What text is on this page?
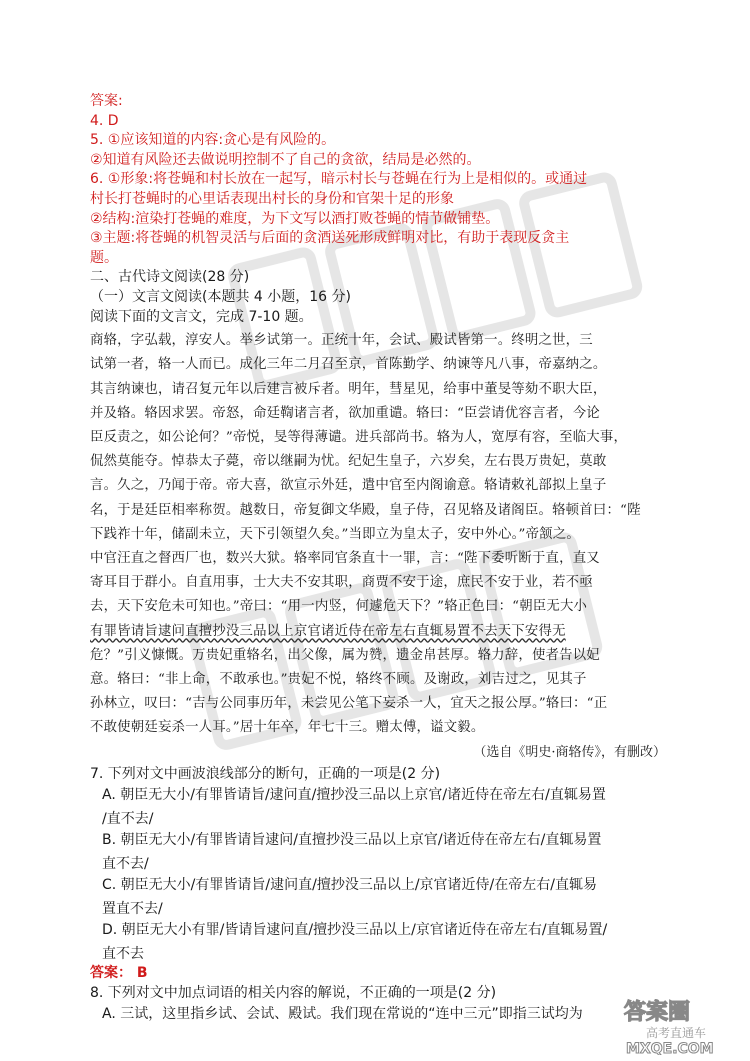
答案:
4. D
5. ①应该知道的内容:贪心是有风险的。
②知道有风险还去做说明控制不了自己的贪欲，结局是必然的。
6. ①形象:将苍蝇和村长放在一起写，暗示村长与苍蝇在行为上是相似的。或通过
村长打苍蝇时的心里话表现出村长的身份和官架十足的形象
②结构:渲染打苍蝇的难度，为下文写以酒打败苍蝇的情节做铺垫。
③主题:将苍蝇的机智灵活与后面的贪酒送死形成鲜明对比，有助于表现反贪主
题。
二、古代诗文阅读(28 分)
（一）文言文阅读(本题共 4 小题，16 分)
阅读下面的文言文，完成 7-10 题。
商辂，字弘载，淳安人。举乡试第一。正统十年，会试、殿试皆第一。终明之世，三
试第一者，辂一人而已。成化三年二月召至京，首陈勤学、纳谏等凡八事，帝嘉纳之。
其言纳谏也，请召复元年以后建言被斥者。明年，彗星见，给事中董旻等劾不职大臣，
并及辂。辂因求罢。帝怒，命廷鞫诸言者，欲加重谴。辂曰：“臣尝请优容言者，今论
臣反责之，如公论何？”帝悦，旻等得薄谴。进兵部尚书。辂为人，宽厚有容，至临大事，
侃然莫能夺。悼恭太子薨，帝以继嗣为忧。纪妃生皇子，六岁矣，左右畏万贵妃，莫敢
言。久之，乃闻于帝。帝大喜，欲宣示外廷，遣中官至内阁谕意。辂请敕礼部拟上皇子
名，于是廷臣相率称贺。越数日，帝复御文华殿，皇子侍，召见辂及诸阁臣。辂顿首曰：“陛
下践祚十年，储副未立，天下引领望久矣。”当即立为皇太子，安中外心。”帝颔之。
中官汪直之督西厂也，数兴大狱。辂率同官条直十一罪，言：“陛下委听断于直，直又
寄耳目于群小。自直用事，士大夫不安其职，商贾不安于途，庶民不安于业，若不亟
去，天下安危未可知也。”帝曰：“用一内竖，何遽危天下？”辂正色曰：“朝臣无大小
有罪皆请旨逮问直擅抄没三品以上京官诸近侍在帝左右直辄易置不去天下安得无
危？”引义慷慨。万贵妃重辂名，出父像，属为赞，遗金帛甚厚。辂力辞，使者告以妃
意。辂曰：“非上命，不敢承也。”贵妃不悦，辂终不顾。及谢政，刘吉过之，见其子
孙林立，叹曰：“吉与公同事历年，未尝见公笔下妄杀一人，宜天之报公厚。”辂曰：“正
不敢使朝廷妄杀一人耳。”居十年卒，年七十三。赠太傅，谥文毅。
（选自《明史·商辂传》，有删改）
7. 下列对文中画波浪线部分的断句，正确的一项是(2 分)
A. 朝臣无大小/有罪皆请旨/逮问直/擅抄没三品以上京官/诸近侍在帝左右/直辄易置
/直不去/
B. 朝臣无大小/有罪皆请旨逮问/直擅抄没三品以上京官/诸近侍在帝左右/直辄易置
直不去/
C. 朝臣无大小/有罪皆请旨/逮问直/擅抄没三品以上/京官诸近侍/在帝左右/直辄易
置直不去/
D. 朝臣无大小有罪/皆请旨逮问直/擅抄没三品以上/京官诸近侍在帝左右/直辄易置/
直不去
答案： B
8. 下列对文中加点词语的相关内容的解说，不正确的一项是(2 分)
A. 三试，这里指乡试、会试、殿试。我们现在常说的“连中三元”即指三试均为	答案圈
高考直通车
MXQE.COM
